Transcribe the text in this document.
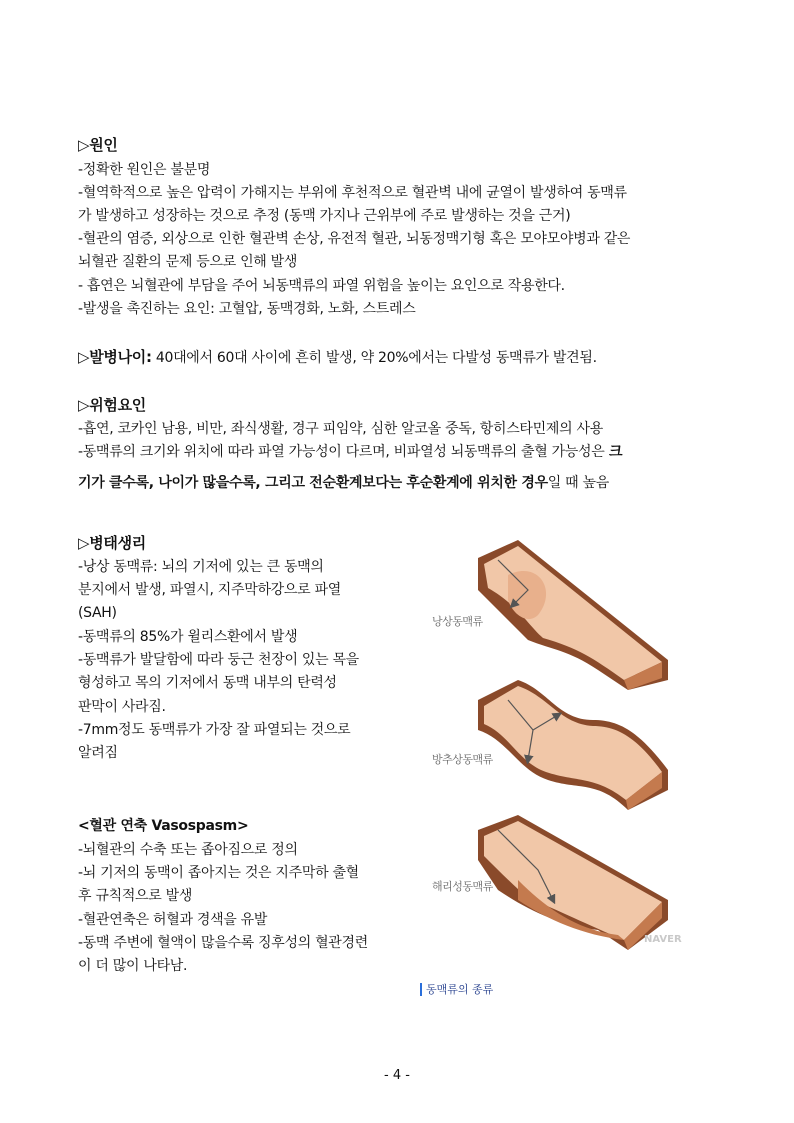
▷원인
-정확한 원인은 불분명
-혈역학적으로 높은 압력이 가해지는 부위에 후천적으로 혈관벽 내에 균열이 발생하여 동맥류
가 발생하고 성장하는 것으로 추정 (동맥 가지나 근위부에 주로 발생하는 것을 근거)
-혈관의 염증, 외상으로 인한 혈관벽 손상, 유전적 혈관, 뇌동정맥기형 혹은 모야모야병과 같은
뇌혈관 질환의 문제 등으로 인해 발생
- 흡연은 뇌혈관에 부담을 주어 뇌동맥류의 파열 위험을 높이는 요인으로 작용한다.
-발생을 촉진하는 요인: 고혈압, 동맥경화, 노화, 스트레스
▷발병나이: 40대에서 60대 사이에 흔히 발생, 약 20%에서는 다발성 동맥류가 발견됨.
▷위험요인
-흡연, 코카인 남용, 비만, 좌식생활, 경구 피임약, 심한 알코올 중독, 항히스타민제의 사용
-동맥류의 크기와 위치에 따라 파열 가능성이 다르며, 비파열성 뇌동맥류의 출혈 가능성은 크
기가 클수록, 나이가 많을수록, 그리고 전순환계보다는 후순환계에 위치한 경우일 때 높음
▷병태생리
-낭상 동맥류: 뇌의 기저에 있는 큰 동맥의
분지에서 발생, 파열시, 지주막하강으로 파열
(SAH)
-동맥류의 85%가 윌리스환에서 발생
-동맥류가 발달함에 따라 둥근 천장이 있는 목을
형성하고 목의 기저에서 동맥 내부의 탄력성
판막이 사라짐.
-7mm정도 동맥류가 가장 잘 파열되는 것으로
알려짐
<혈관 연축 Vasospasm>
-뇌혈관의 수축 또는 좁아짐으로 정의
-뇌 기저의 동맥이 좁아지는 것은 지주막하 출혈
후 규칙적으로 발생
-혈관연축은 허혈과 경색을 유발
-동맥 주변에 혈액이 많을수록 징후성의 혈관경련
이 더 많이 나타남.
낭상동맥류
방추상동맥류
해리성동맥류
NAVER
동맥류의 종류
- 4 -
